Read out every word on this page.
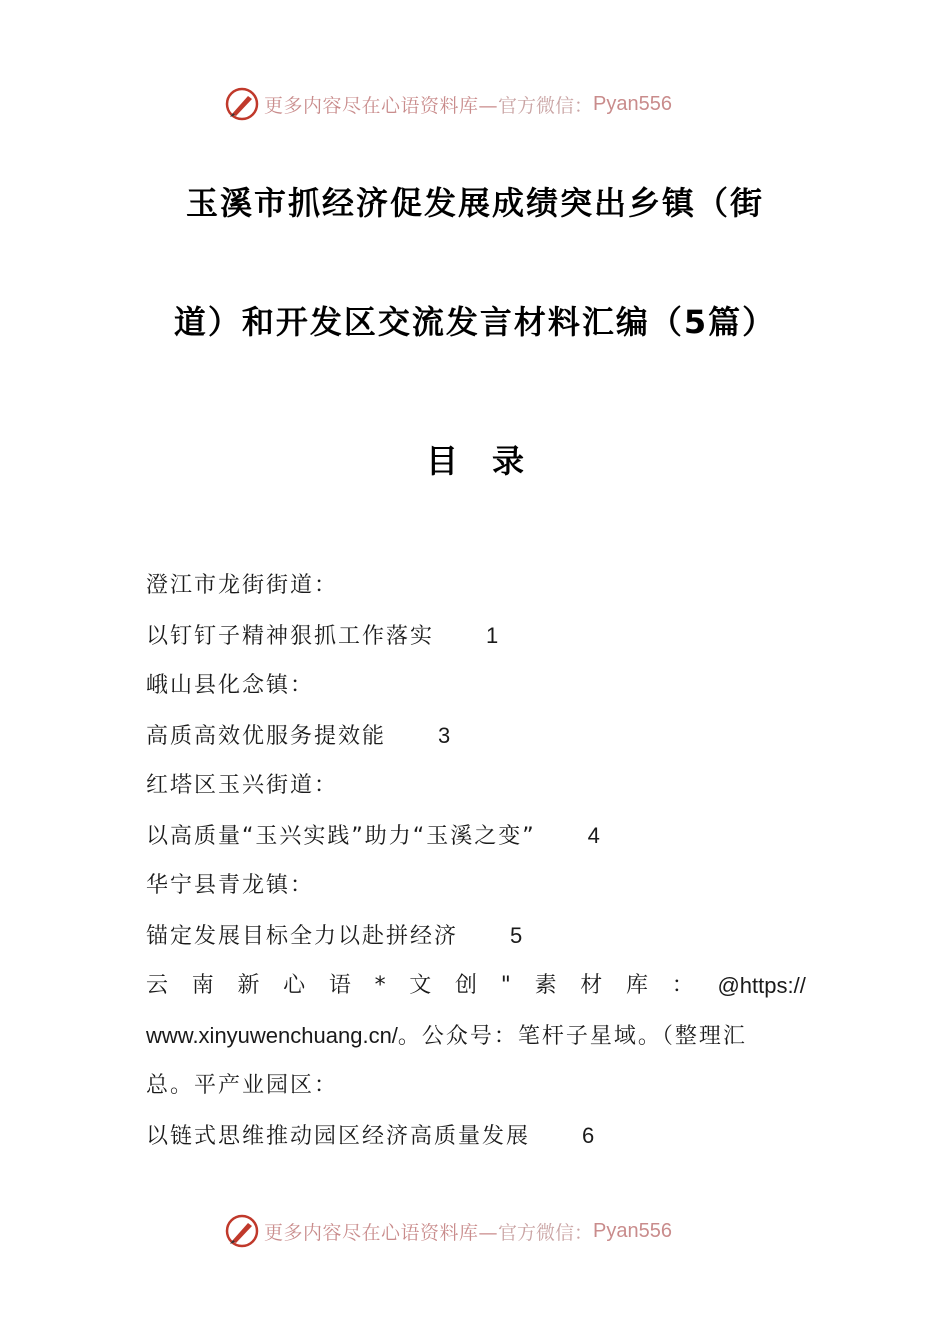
更多内容尽在心语资料库— 官方微信： Pyan556
玉溪市抓经济促发展成绩突出乡镇（街
道）和开发区交流发言材料汇编（5篇）
目录
澄江市龙街街道：
以钉钉子精神狠抓工作落实 1
峨山县化念镇：
高质高效优服务提效能 3
红塔区玉兴街道：
以高质量“玉兴实践”助力“玉溪之变” 4
华宁县青龙镇：
锚定发展目标全力以赴拼经济 5
云 南 新 心 语 * 文 创 " 素 材 库 ： @https://
www.xinyuwenchuang.cn/。公众号：笔杆子星域。（整理汇
总。平产业园区：
以链式思维推动园区经济高质量发展 6
更多内容尽在心语资料库— 官方微信： Pyan556
